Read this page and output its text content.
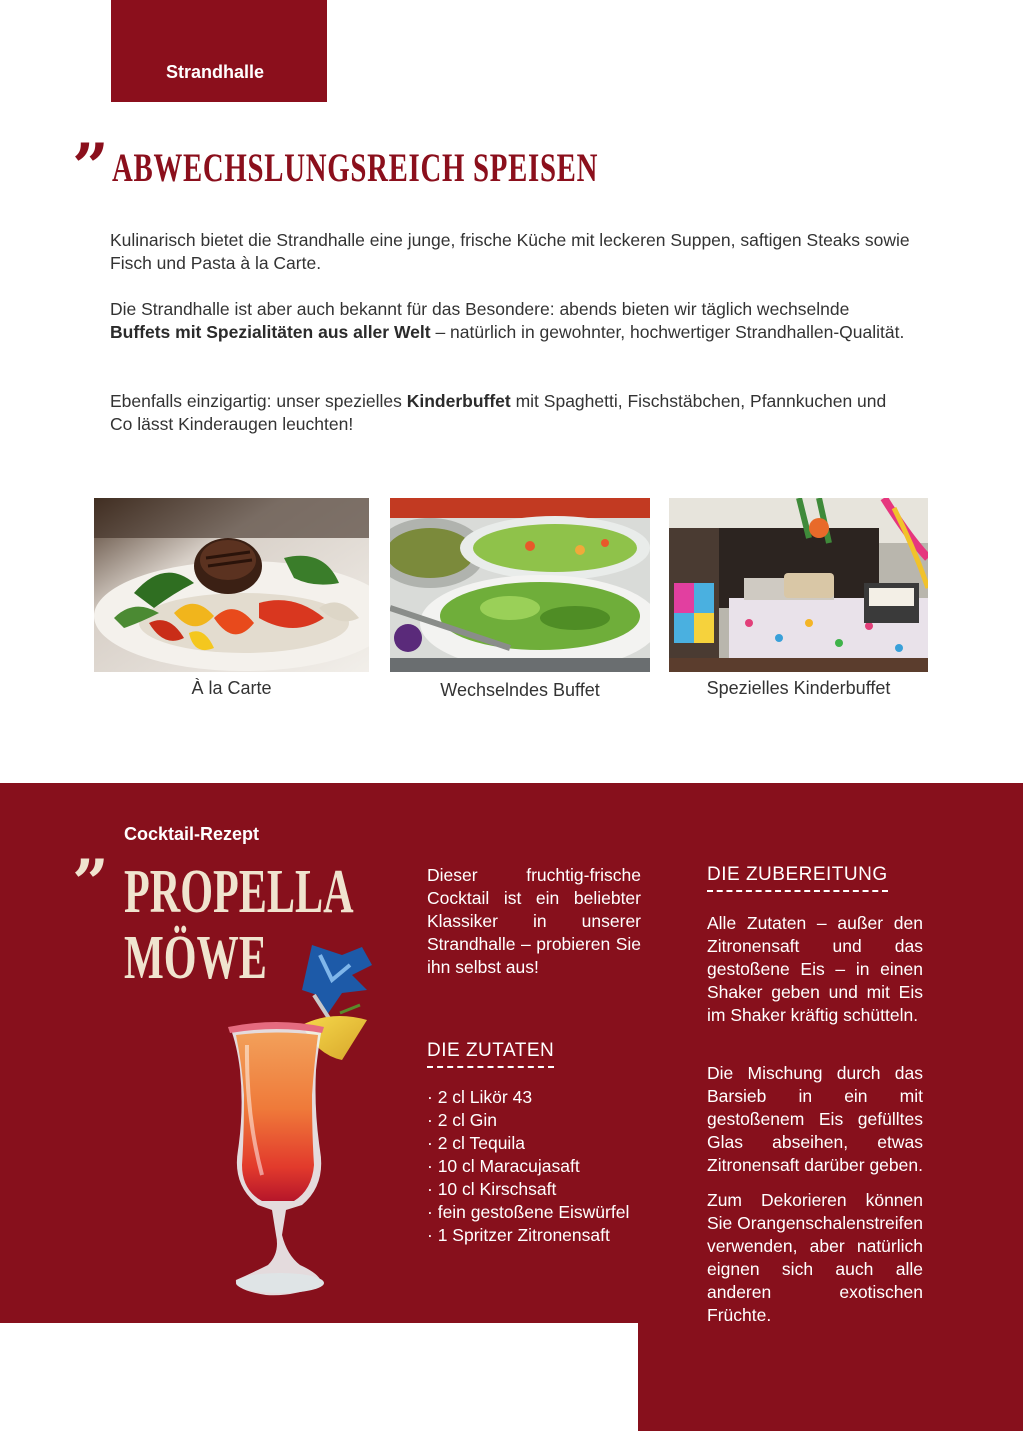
Strandhalle
” ABWECHSLUNGSREICH SPEISEN

Kulinarisch bietet die Strandhalle eine junge, frische Küche mit leckeren Suppen, saftigen Steaks sowie Fisch und Pasta à la Carte.

Die Strandhalle ist aber auch bekannt für das Besondere: abends bieten wir täglich wechselnde Buffets mit Spezialitäten aus aller Welt – natürlich in gewohnter, hochwertiger Strandhallen-Qualität.

Ebenfalls einzigartig: unser spezielles Kinderbuffet mit Spaghetti, Fischstäbchen, Pfannkuchen und Co lässt Kinderaugen leuchten!

À la Carte	Wechselndes Buffet	Spezielles Kinderbuffet
Cocktail-Rezept
” PROPELLA
MÖWE

Dieser fruchtig-frische Cocktail ist ein beliebter Klassiker in unserer Strandhalle – probieren Sie ihn selbst aus!

DIE ZUTATEN
· 2 cl Likör 43
· 2 cl Gin
· 2 cl Tequila
· 10 cl Maracujasaft
· 10 cl Kirschsaft
· fein gestoßene Eiswürfel
· 1 Spritzer Zitronensaft
DIE ZUBEREITUNG

Alle Zutaten – außer den Zitronensaft und das gestoßene Eis – in einen Shaker geben und mit Eis im Shaker kräftig schütteln.

Die Mischung durch das Barsieb in ein mit gestoßenem Eis gefülltes Glas abseihen, etwas Zitronensaft darüber geben.

Zum Dekorieren können Sie Orangenschalenstreifen verwenden, aber natürlich eignen sich auch alle anderen exotischen Früchte.
